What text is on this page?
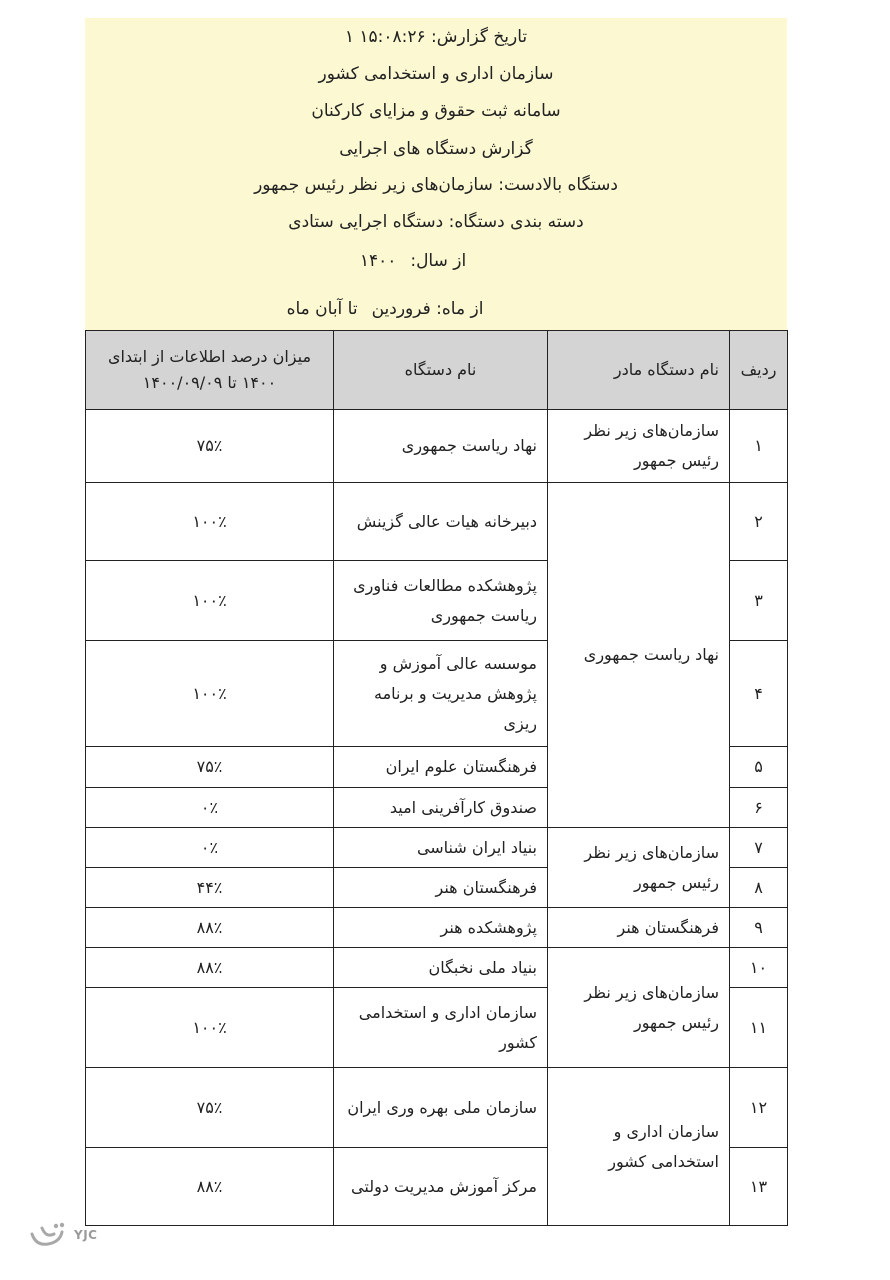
تاریخ گزارش: ۱۵:۰۸:۲۶ ۱
سازمان اداری و استخدامی کشور
سامانه ثبت حقوق و مزایای کارکنان
گزارش دستگاه های اجرایی
دستگاه بالادست: سازمان‌های زیر نظر رئیس جمهور
دسته بندی دستگاه: دستگاه اجرایی ستادی
از سال:۱۴۰۰
از ماه: فروردینتا آبان ماه
ردیف	نام دستگاه مادر	نام دستگاه	میزان درصد اطلاعات از ابتدای
۱۴۰۰ تا ۱۴۰۰/۰۹/۰۹

۱	سازمان‌های زیر نظر رئیس جمهور	نهاد ریاست جمهوری	۷۵٪
۲	نهاد ریاست جمهوری	دبیرخانه هیات عالی گزینش	۱۰۰٪
۳		پژوهشکده مطالعات فناوری ریاست جمهوری	۱۰۰٪
۴		موسسه عالی آموزش و پژوهش مدیریت و برنامه ریزی	۱۰۰٪
۵		فرهنگستان علوم ایران	۷۵٪
۶		صندوق کارآفرینی امید	۰٪
۷	سازمان‌های زیر نظر رئیس جمهور	بنیاد ایران شناسی	۰٪
۸		فرهنگستان هنر	۴۴٪
۹	فرهنگستان هنر	پژوهشکده هنر	۸۸٪
۱۰	سازمان‌های زیر نظر رئیس جمهور	بنیاد ملی نخبگان	۸۸٪
۱۱		سازمان اداری و استخدامی کشور	۱۰۰٪
۱۲	سازمان اداری و استخدامی کشور	سازمان ملی بهره وری ایران	۷۵٪
۱۳		مرکز آموزش مدیریت دولتی	۸۸٪
YJC
